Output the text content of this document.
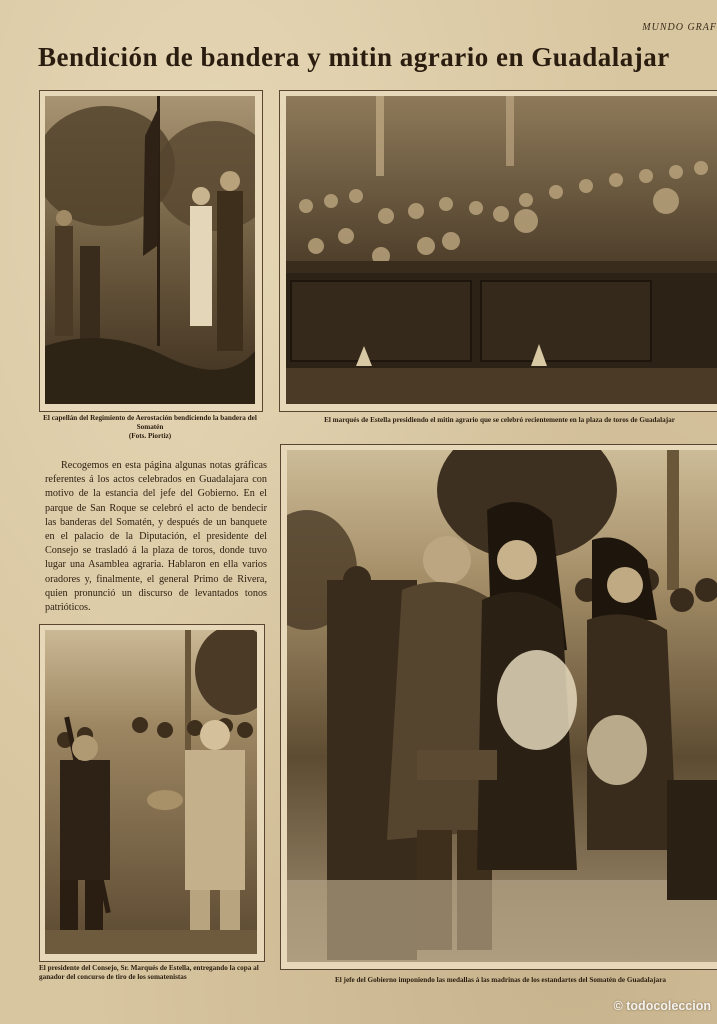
MUNDO GRAF
Bendición de bandera y mitin agrario en Guadalajar
El capellán del Regimiento de Aerostación bendiciendo la bandera del Somatén
(Fots. Piortiz)
El marqués de Estella presidiendo el mitin agrario que se celebró recientemente en la plaza de toros de Guadalajar
Recogemos en esta página algunas notas gráficas referentes á los actos celebrados en Guadalajara con motivo de la estancia del jefe del Gobierno. En el parque de San Roque se celebró el acto de bendecir las banderas del Somatén, y después de un banquete en el palacio de la Diputación, el presidente del Consejo se trasladó á la plaza de toros, donde tuvo lugar una Asamblea agraria. Hablaron en ella varios oradores y, finalmente, el general Primo de Rivera, quien pronunció un discurso de levantados tonos patrióticos.
El presidente del Consejo, Sr. Marqués de Estella, entregando la copa al ganador del concurso de tiro de los somatenistas	El jefe del Gobierno imponiendo las medallas á las madrinas de los estandartes del Somatén de Guadalajara
© todocoleccion
